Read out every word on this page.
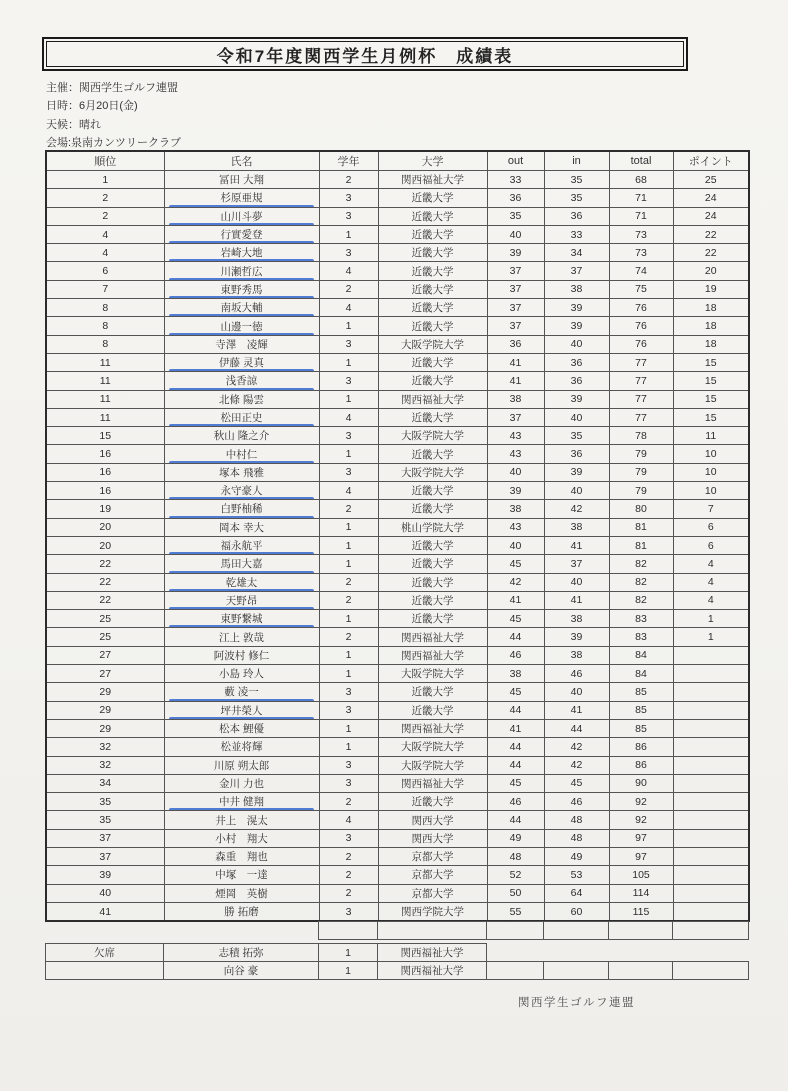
令和7年度関西学生月例杯　成績表
主催：関西学生ゴルフ連盟
日時：6月20日(金)
天候：晴れ
会場:泉南カンツリークラブ
順位	氏名	学年	大学	out	in	total	ポイント
1	冨田 大翔	2	関西福祉大学	33	35	68	25
2	杉原亜規	3	近畿大学	36	35	71	24
2	山川斗夢	3	近畿大学	35	36	71	24
4	行實愛登	1	近畿大学	40	33	73	22
4	岩崎大地	3	近畿大学	39	34	73	22
6	川瀬哲広	4	近畿大学	37	37	74	20
7	東野秀馬	2	近畿大学	37	38	75	19
8	南坂大輔	4	近畿大学	37	39	76	18
8	山邊一徳	1	近畿大学	37	39	76	18
8	寺澤　凌輝	3	大阪学院大学	36	40	76	18
11	伊藤 灵真	1	近畿大学	41	36	77	15
11	浅香諒	3	近畿大学	41	36	77	15
11	北條 陽雲	1	関西福祉大学	38	39	77	15
11	松田正史	4	近畿大学	37	40	77	15
15	秋山 隆之介	3	大阪学院大学	43	35	78	11
16	中村仁	1	近畿大学	43	36	79	10
16	塚本 飛雅	3	大阪学院大学	40	39	79	10
16	永守豪人	4	近畿大学	39	40	79	10
19	白野柚稀	2	近畿大学	38	42	80	7
20	岡本 幸大	1	桃山学院大学	43	38	81	6
20	福永航平	1	近畿大学	40	41	81	6
22	馬田大嘉	1	近畿大学	45	37	82	4
22	乾雄太	2	近畿大学	42	40	82	4
22	天野昂	2	近畿大学	41	41	82	4
25	東野繋城	1	近畿大学	45	38	83	1
25	江上 敦哉	2	関西福祉大学	44	39	83	1
27	阿波村 修仁	1	関西福祉大学	46	38	84	
27	小島 玲人	1	大阪学院大学	38	46	84	
29	藪 凌一	3	近畿大学	45	40	85	
29	坪井榮人	3	近畿大学	44	41	85	
29	松本 鯉優	1	関西福祉大学	41	44	85	
32	松並将輝	1	大阪学院大学	44	42	86	
32	川原 朔太郎	3	大阪学院大学	44	42	86	
34	金川 力也	3	関西福祉大学	45	45	90	
35	中井 健翔	2	近畿大学	46	46	92	
35	井上　滉太	4	関西大学	44	48	92	
37	小村　翔大	3	関西大学	49	48	97	
37	森重　翔也	2	京都大学	48	49	97	
39	中塚　一達	2	京都大学	52	53	105	
40	煙岡　英樹	2	京都大学	50	64	114	
41	勝 拓磨	3	関西学院大学	55	60	115	

欠席	志積 拓弥	1	関西福祉大学
	向谷 豪	1	関西福祉大学				
関西学生ゴルフ連盟
